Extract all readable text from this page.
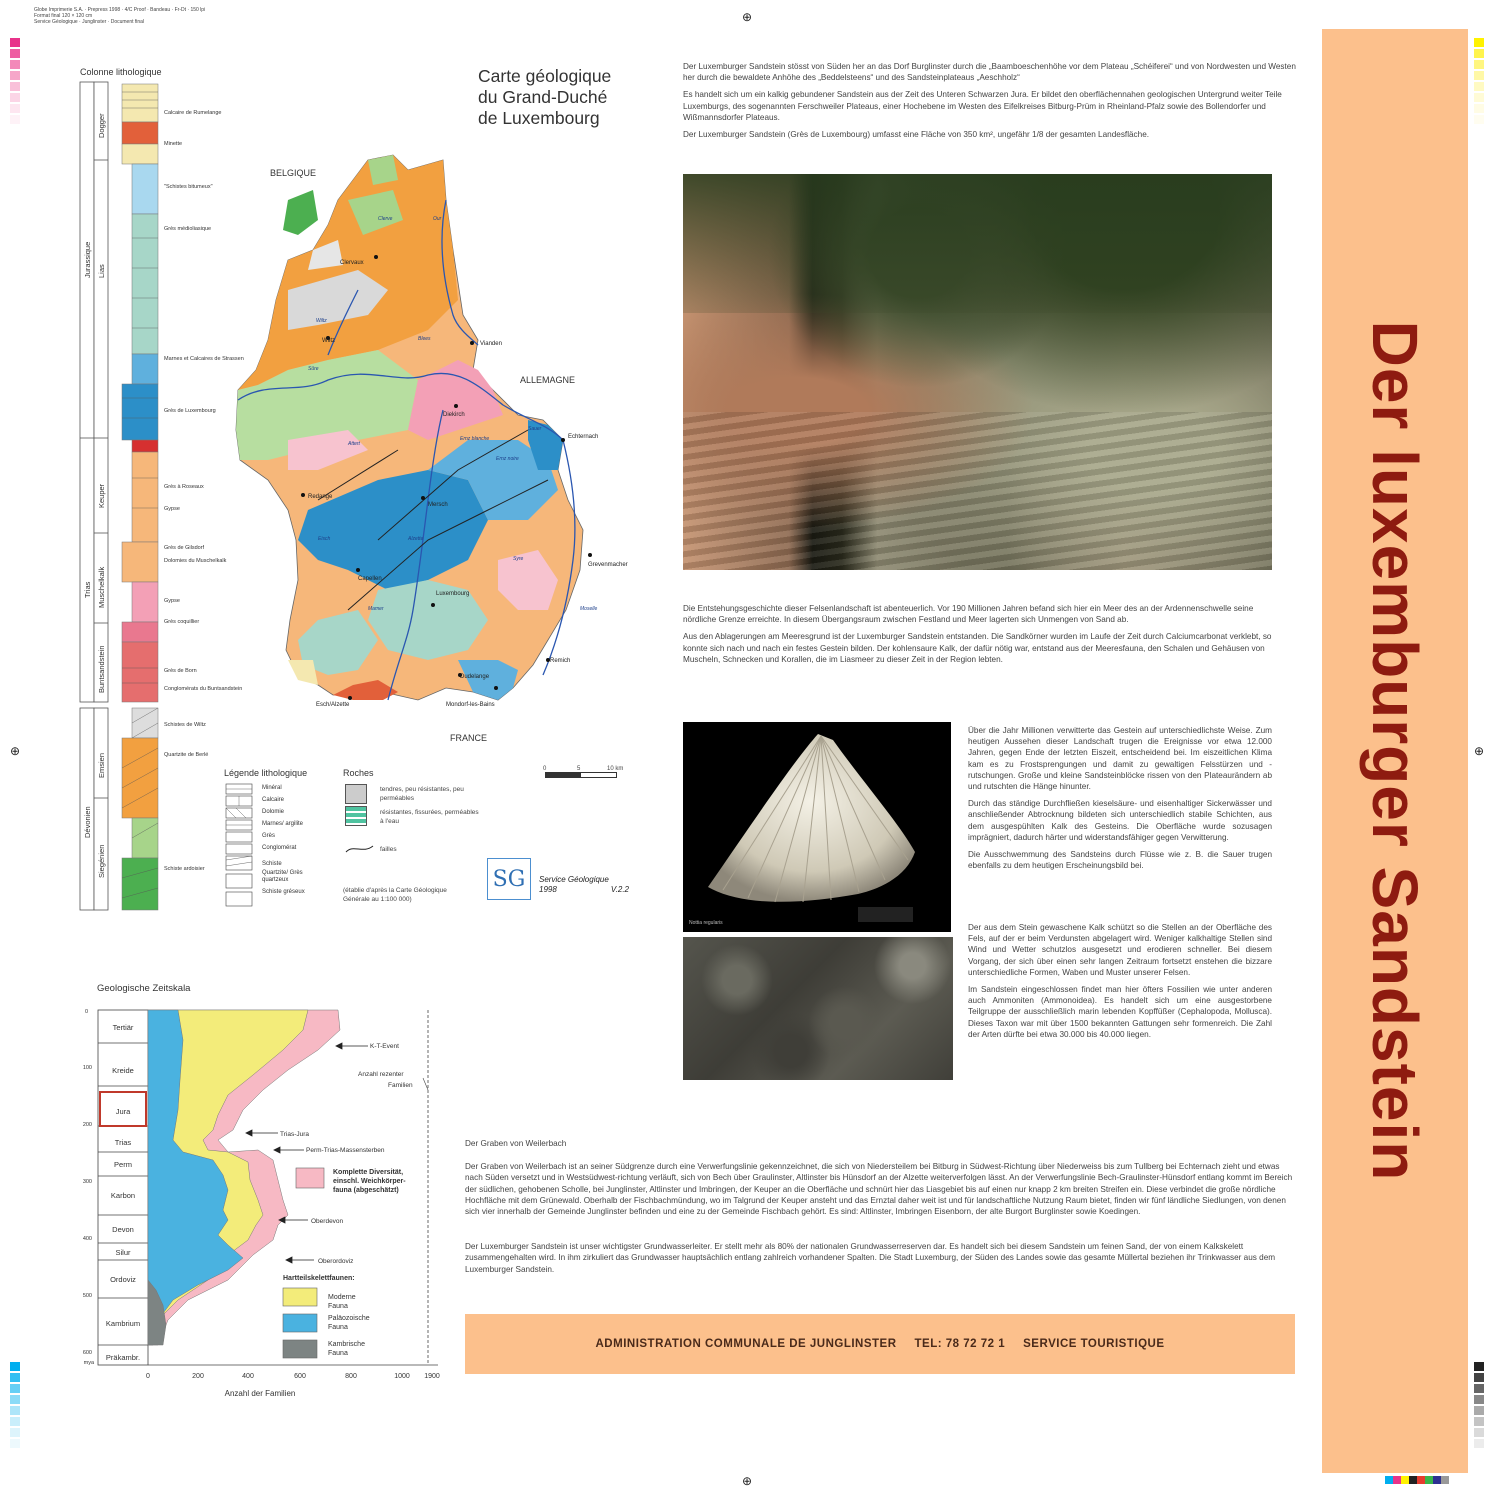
Globe Imprimerie S.A. · Prepress 1998 · 4/C Proof · Bandeau · Fr-Dt · 150 lpi
Format final 120 × 120 cm
Service Géologique · Junglinster · Document final	⊕
⊕
⊕	⊕
Der luxemburger Sandstein
Colonne lithologique
Jurassique
Trias
Dévonien
Dogger
Lias
Keuper
Muschelkalk
Buntsandstein
Emsien
Siegénien
Calcaire de Rumelange
Minette
"Schistes bitumeux"
Grès médioliasique
Marnes et Calcaires de Strassen
Grès de Luxembourg
Grès à Roseaux
Gypse
Grès de Gilsdorf
Dolomies du Muschelkalk
Gypse
Grès coquillier
Grès de Born
Conglomérats du Buntsandstein
Schistes de Wiltz
Quartzite de Berlé
Schiste ardoisier
Carte géologique
du Grand-Duché
de Luxembourg
BELGIQUE
ALLEMAGNE
FRANCE
Clervaux
Wiltz	Vianden
Diekirch
Echternach
Redange
Mersch
Capellen
Luxembourg
Grevenmacher
Remich
Dudelange
Esch/Alzette	Mondorf-les-Bains
Our
Clerve
Wiltz
Sûre
Alzette
Attert
Eisch
Mamer
Syre
Moselle
Ernz blanche
Ernz noire
Blees
Sauer
0	5	10 km
Légende lithologique
Minéral
Calcaire
Dolomie
Marnes/ argilite
Grès
Conglomérat
Schiste
Quartzite/ Grès quartzeux
Schiste gréseux
Roches
tendres, peu résistantes, peu perméables
résistantes, fissurées, perméables à l'eau
failles
SG	Service Géologique
1998	V.2.2
(établie d'après la Carte Géologique
Générale au 1:100 000)

Der Luxemburger Sandstein stösst von Süden her an das Dorf Burglinster durch die „Baamboeschenhöhe vor dem Plateau „Schéiferei“ und von Nordwesten und Westen her durch die bewaldete Anhöhe des „Beddelsteens“ und des Sandsteinplateaus „Aeschholz“

Es handelt sich um ein kalkig gebundener Sandstein aus der Zeit des Unteren Schwarzen Jura. Er bildet den oberflächennahen geologischen Untergrund weiter Teile Luxemburgs, des sogenannten Ferschweiler Plateaus, einer Hochebene im Westen des Eifelkreises Bitburg-Prüm in Rheinland-Pfalz sowie des Bollendorfer und Wißmannsdorfer Plateaus.

Der Luxemburger Sandstein (Grès de Luxembourg) umfasst eine Fläche von 350 km², ungefähr 1/8 der gesamten Landesfläche.

Die Entstehungsgeschichte dieser Felsenlandschaft ist abenteuerlich. Vor 190 Millionen Jahren befand sich hier ein Meer des an der Ardennenschwelle seine nördliche Grenze erreichte. In diesem Übergangsraum zwischen Festland und Meer lagerten sich Unmengen von Sand ab.

Aus den Ablagerungen am Meeresgrund ist der Luxemburger Sandstein entstanden. Die Sandkörner wurden im Laufe der Zeit durch Calciumcarbonat verklebt, so konnte sich nach und nach ein festes Gestein bilden. Der kohlensaure Kalk, der dafür nötig war, entstand aus der Meeresfauna, den Schalen und Gehäusen von Muscheln, Schnecken und Korallen, die im Liasmeer zu dieser Zeit in der Region lebten.

Nottia regularis

Über die Jahr Millionen verwitterte das Gestein auf unterschiedlichste Weise. Zum heutigen Aussehen dieser Landschaft trugen die Ereignisse vor etwa 12.000 Jahren, gegen Ende der letzten Eiszeit, entscheidend bei. Im eiszeitlichen Klima kam es zu Frostsprengungen und damit zu gewaltigen Felsstürzen und -rutschungen. Große und kleine Sandsteinblöcke rissen von den Plateaurändern ab und rutschten die Hänge hinunter.

Durch das ständige Durchfließen kieselsäure- und eisenhaltiger Sickerwässer und anschließender Abtrocknung bildeten sich unterschiedlich stabile Schichten, aus dem ausgespühlten Kalk des Gesteins. Die Oberfläche wurde sozusagen imprägniert, dadurch härter und widerstandsfähiger gegen Verwitterung.

Die Ausschwemmung des Sandsteins durch Flüsse wie z. B. die Sauer trugen ebenfalls zu dem heutigen Erscheinungsbild bei.

Der aus dem Stein gewaschene Kalk schützt so die Stellen an der Oberfläche des Fels, auf der er beim Verdunsten abgelagert wird. Weniger kalkhaltige Stellen sind Wind und Wetter schutzlos ausgesetzt und erodieren schneller. Bei diesem Vorgang, der sich über einen sehr langen Zeitraum fortsetzt enstehen die bizzare unterschiedliche Formen, Waben und Muster unserer Felsen.

Im Sandstein eingeschlossen findet man hier öfters Fossilien wie unter anderen auch Ammoniten (Ammonoidea). Es handelt sich um eine ausgestorbene Teilgruppe der ausschließlich marin lebenden Kopffüßer (Cephalopoda, Mollusca). Dieses Taxon war mit über 1500 bekannten Gattungen sehr formenreich. Die Zahl der Arten dürfte bei etwa 30.000 bis 40.000 liegen.

Der Graben von Weilerbach

Der Graben von Weilerbach ist an seiner Südgrenze durch eine Verwerfungslinie gekennzeichnet, die sich von Niedersteilem bei Bitburg in Südwest-Richtung über Niederweiss bis zum Tullberg bei Echternach zieht und etwas nach Süden versetzt und in Westsüdwest-richtung verläuft, sich von Bech über Graulinster, Altlinster bis Hünsdorf an der Alzette weiterverfolgen lässt. An der Verwerfungslinie Bech-Graulinster-Hünsdorf entlang kommt im Bereich der südlichen, gehobenen Scholle, bei Junglinster, Altlinster und Imbringen, der Keuper an die Oberfläche und schnürt hier das Liasgebiet bis auf einen nur knapp 2 km breiten Streifen ein. Diese verbindet die große nördliche Hochfläche mit dem Grünewald. Oberhalb der Fischbachmündung, wo im Talgrund der Keuper ansteht und das Ernztal daher weit ist und für landschaftliche Nutzung Raum bietet, finden wir fünf ländliche Siedlungen, von denen sich vier innerhalb der Gemeinde Junglinster befinden und eine zu der Gemeinde Fischbach gehört. Es sind: Altlinster, Imbringen Eisenborn, der alte Burgort Burglinster sowie Koedingen.

Der Luxemburger Sandstein ist unser wichtigster Grundwasserleiter. Er stellt mehr als 80% der nationalen Grundwasserreserven dar. Es handelt sich bei diesem Sandstein um feinen Sand, der von einem Kalkskelett zusammengehalten wird. In ihm zirkuliert das Grundwasser hauptsächlich entlang zahlreich vorhandener Spalten. Die Stadt Luxemburg, der Süden des Landes sowie das gesamte Müllertal beziehen ihr Trinkwasser aus dem Luxemburger Sandstein.

ADMINISTRATION COMMUNALE DE JUNGLINSTER TEL: 78 72 72 1 SERVICE TOURISTIQUE
Geologische Zeitskala
Tertiär
Kreide
Jura
Trias
Perm
Karbon
Devon
Silur
Ordoviz
Kambrium
Präkambr.
0
100
200
300
400
500
600
mya
0	200	400	600	800	1000 1900
Anzahl der Familien
K-T-Event
Trias-Jura
Perm-Trias-Massensterben
Oberdevon
Oberordoviz
Anzahl rezenter
Familien
Komplette Diversität,
einschl. Weichkörper-
fauna (abgeschätzt)
Hartteilskelettfaunen:
Moderne Fauna
Paläozoische Fauna
Kambrische Fauna
